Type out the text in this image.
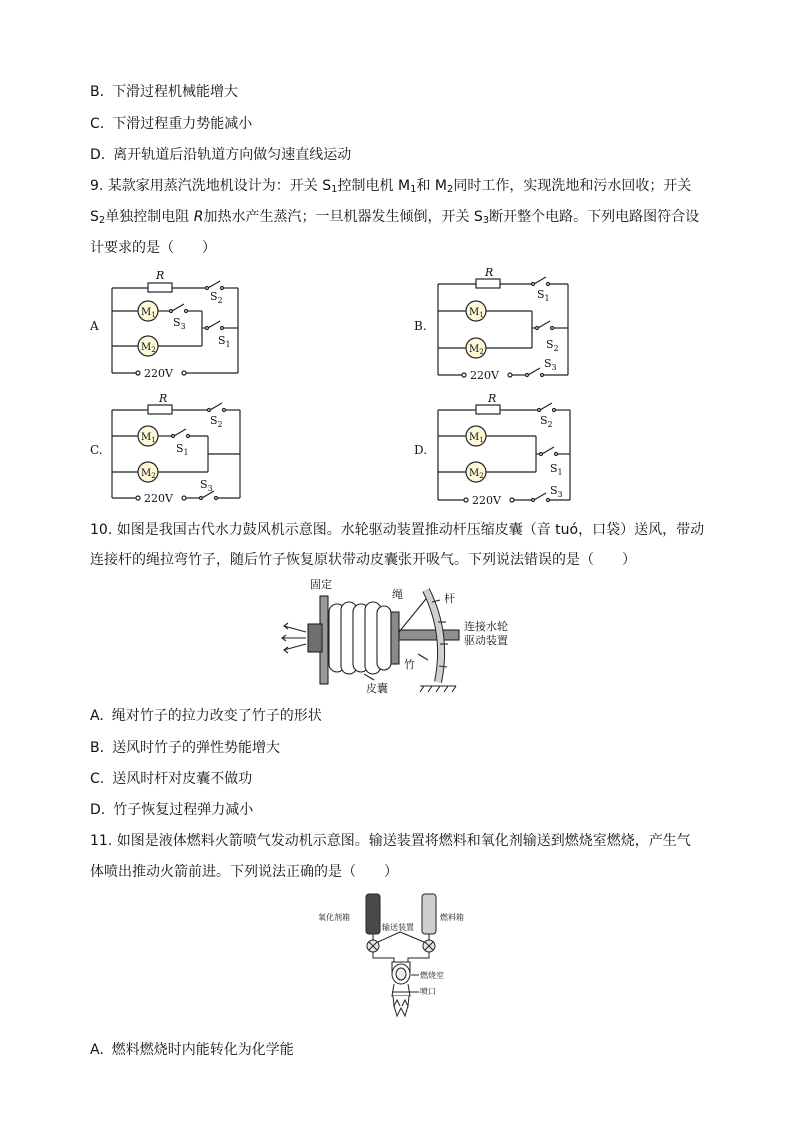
B. 下滑过程机械能增大
C. 下滑过程重力势能减小
D. 离开轨道后沿轨道方向做匀速直线运动
9. 某款家用蒸汽洗地机设计为：开关 $S_1$控制电机 $M_1$和 $M_2$同时工作，实现洗地和污水回收；开关
$S_2$单独控制电阻 R加热水产生蒸汽；一旦机器发生倾倒，开关 $S_3$断开整个电路。下列电路图符合设
计要求的是（　　）
A
R
$S_2$
$M_1$
$S_3$
$M_2$
$S_1$
220V
B.
R
$S_1$
$M_1$
$M_2$
$S_2$
220V
$S_3$
C.
R
$S_2$
$M_1$
$S_1$
$M_2$
220V
$S_3$
D.
R
$S_2$
$M_1$
$M_2$
$S_1$
220V
$S_3$
10. 如图是我国古代水力鼓风机示意图。水轮驱动装置推动杆压缩皮囊（音 tuó，口袋）送风，带动
连接杆的绳拉弯竹子，随后竹子恢复原状带动皮囊张开吸气。下列说法错误的是（　　）
固定
绳	杆
连接水轮
驱动装置
竹
皮囊
A. 绳对竹子的拉力改变了竹子的形状
B. 送风时竹子的弹性势能增大
C. 送风时杆对皮囊不做功
D. 竹子恢复过程弹力减小
11. 如图是液体燃料火箭喷气发动机示意图。输送装置将燃料和氧化剂输送到燃烧室燃烧，产生气
体喷出推动火箭前进。下列说法正确的是（　　）
氧化剂箱	燃料箱
输送装置
燃烧室
喷口
A. 燃料燃烧时内能转化为化学能
